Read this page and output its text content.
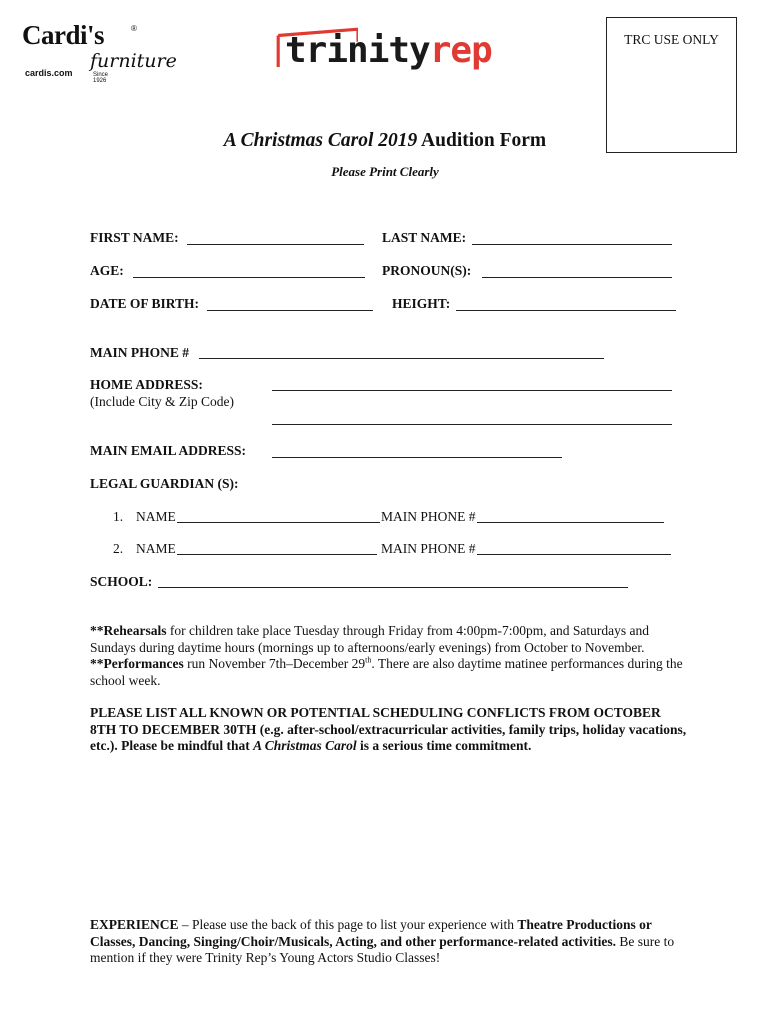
Cardi's	®
furniture
cardis.com	Since 1926
trinityrep	TRC USE ONLY
A Christmas Carol 2019 Audition Form
Please Print Clearly
FIRST NAME:	LAST NAME:
AGE:	PRONOUN(S):
DATE OF BIRTH:	HEIGHT:
MAIN PHONE #
HOME ADDRESS:
(Include City & Zip Code)
MAIN EMAIL ADDRESS:
LEGAL GUARDIAN (S):
1. NAME	MAIN PHONE #
2. NAME	MAIN PHONE #
SCHOOL:
**Rehearsals for children take place Tuesday through Friday from 4:00pm-7:00pm, and Saturdays and Sundays during daytime hours (mornings up to afternoons/early evenings) from October to November.
**Performances run November 7th–December 29th. There are also daytime matinee performances during the school week.
PLEASE LIST ALL KNOWN OR POTENTIAL SCHEDULING CONFLICTS FROM OCTOBER 8TH TO DECEMBER 30TH (e.g. after-school/extracurricular activities, family trips, holiday vacations, etc.). Please be mindful that A Christmas Carol is a serious time commitment.
EXPERIENCE – Please use the back of this page to list your experience with Theatre Productions or Classes, Dancing, Singing/Choir/Musicals, Acting, and other performance-related activities. Be sure to mention if they were Trinity Rep’s Young Actors Studio Classes!
